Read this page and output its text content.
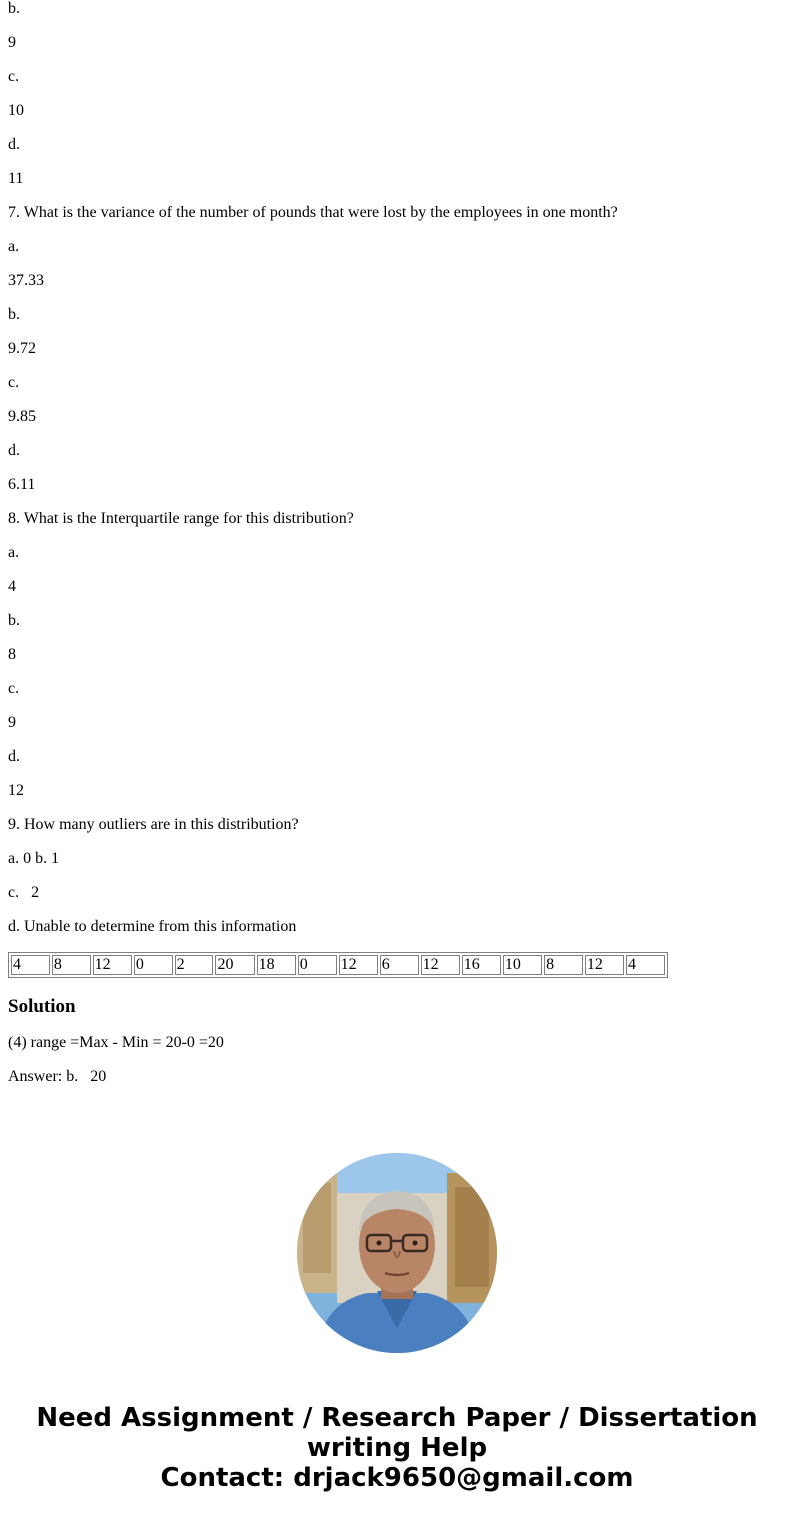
b.

9

c.

10

d.

11

7. What is the variance of the number of pounds that were lost by the employees in one month?

a.

37.33

b.

9.72

c.

9.85

d.

6.11

8. What is the Interquartile range for this distribution?

a.

4

b.

8

c.

9

d.

12

9. How many outliers are in this distribution?

a. 0 b. 1

c.   2

d. Unable to determine from this information

4	8	12	0	2	20	18	0	12	6	12	16	10	8	12	4
Solution

(4) range =Max - Min = 20-0 =20

Answer: b.   20

Need Assignment / Research Paper / Dissertation
writing Help
Contact: drjack9650@gmail.com
